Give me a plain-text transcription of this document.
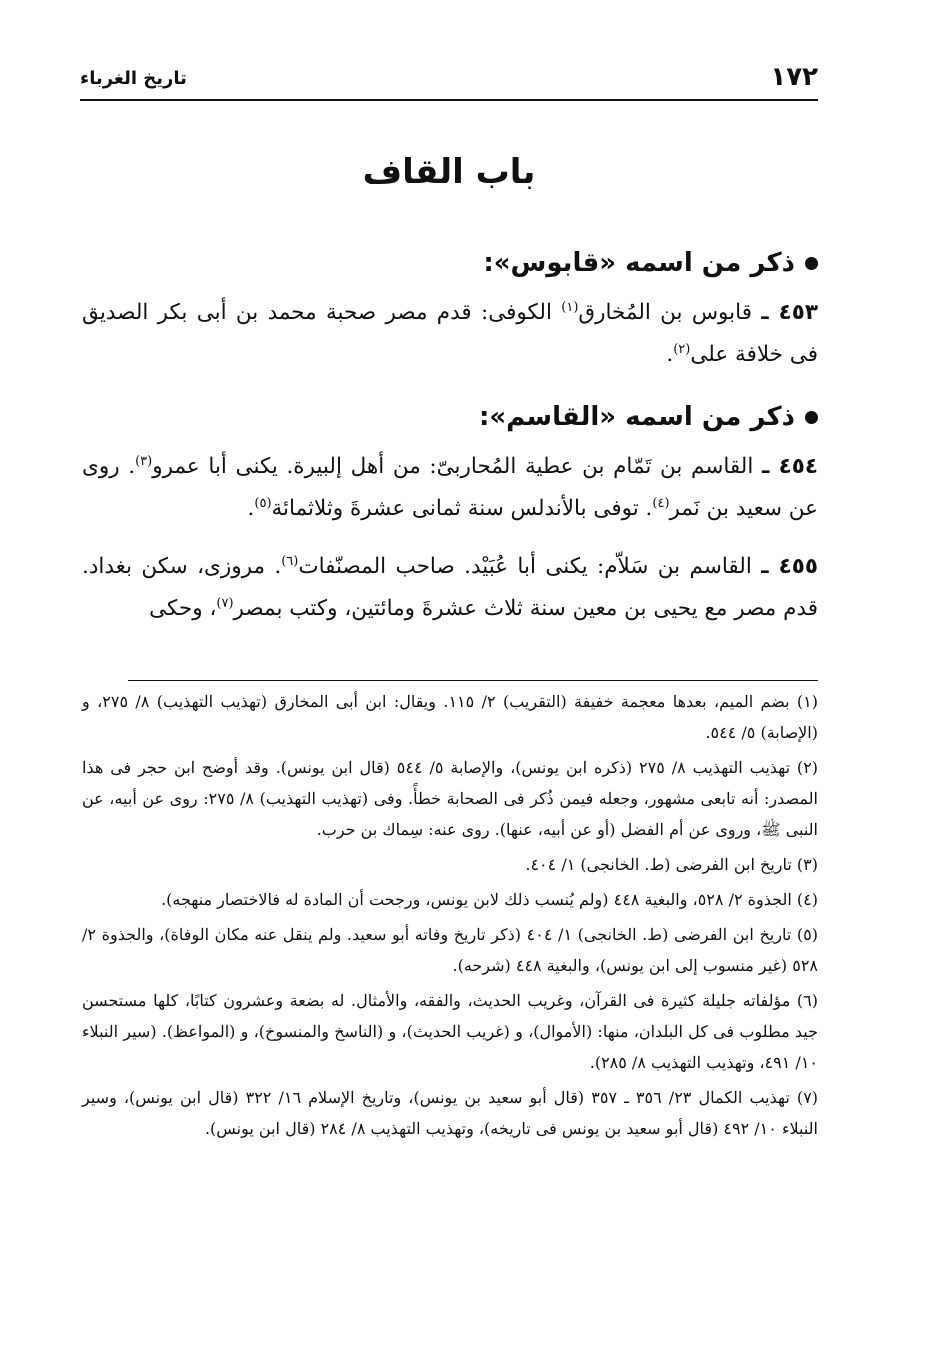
١٧٢
تاريخ الغرباء
باب القاف
ذكر من اسمه «قابوس»:

٤٥٣ ـ قابوس بن المُخارق$^{(١)}$ الكوفى: قدم مصر صحبة محمد بن أبى بكر الصديق فى خلافة على$^{(٢)}$.

ذكر من اسمه «القاسم»:

٤٥٤ ـ القاسم بن تَمّام بن عطية المُحاربىّ: من أهل إلبيرة. يكنى أبا عمرو$^{(٣)}$. روى عن سعيد بن نَمر$^{(٤)}$. توفى بالأندلس سنة ثمانى عشرةَ وثلاثمائة$^{(٥)}$.

٤٥٥ ـ القاسم بن سَلاّم: يكنى أبا عُبَيْد. صاحب المصنّفات$^{(٦)}$. مروزى، سكن بغداد. قدم مصر مع يحيى بن معين سنة ثلاث عشرةَ ومائتين، وكتب بمصر$^{(٧)}$، وحكى

(١) بضم الميم، بعدها معجمة خفيفة (التقريب) ٢/ ١١٥. ويقال: ابن أبى المخارق (تهذيب التهذيب) ٨/ ٢٧٥، و (الإصابة) ٥/ ٥٤٤.

(٢) تهذيب التهذيب ٨/ ٢٧٥ (ذكره ابن يونس)، والإصابة ٥/ ٥٤٤ (قال ابن يونس). وقد أوضح ابن حجر فى هذا المصدر: أنه تابعى مشهور، وجعله فيمن ذُكر فى الصحابة خطأً. وفى (تهذيب التهذيب) ٨/ ٢٧٥: روى عن أبيه، عن النبى ﷺ، وروى عن أم الفضل (أو عن أبيه، عنها). روى عنه: سِماك بن حرب.

(٣) تاريخ ابن الفرضى (ط. الخانجى) ١/ ٤٠٤.

(٤) الجذوة ٢/ ٥٢٨، والبغية ٤٤٨ (ولم يُنسب ذلك لابن يونس، ورجحت أن المادة له فالاختصار منهجه).

(٥) تاريخ ابن الفرضى (ط. الخانجى) ١/ ٤٠٤ (ذكر تاريخ وفاته أبو سعيد. ولم ينقل عنه مكان الوفاة)، والجذوة ٢/ ٥٢٨ (غير منسوب إلى ابن يونس)، والبغية ٤٤٨ (شرحه).

(٦) مؤلفاته جليلة كثيرة فى القرآن، وغريب الحديث، والفقه، والأمثال. له بضعة وعشرون كتابًا، كلها مستحسن جيد مطلوب فى كل البلدان، منها: (الأموال)، و (غريب الحديث)، و (الناسخ والمنسوخ)، و (المواعظ). (سير النبلاء ١٠/ ٤٩١، وتهذيب التهذيب ٨/ ٢٨٥).

(٧) تهذيب الكمال ٢٣/ ٣٥٦ ـ ٣٥٧ (قال أبو سعيد بن يونس)، وتاريخ الإسلام ١٦/ ٣٢٢ (قال ابن يونس)، وسير النبلاء ١٠/ ٤٩٢ (قال أبو سعيد بن يونس فى تاريخه)، وتهذيب التهذيب ٨/ ٢٨٤ (قال ابن يونس).
